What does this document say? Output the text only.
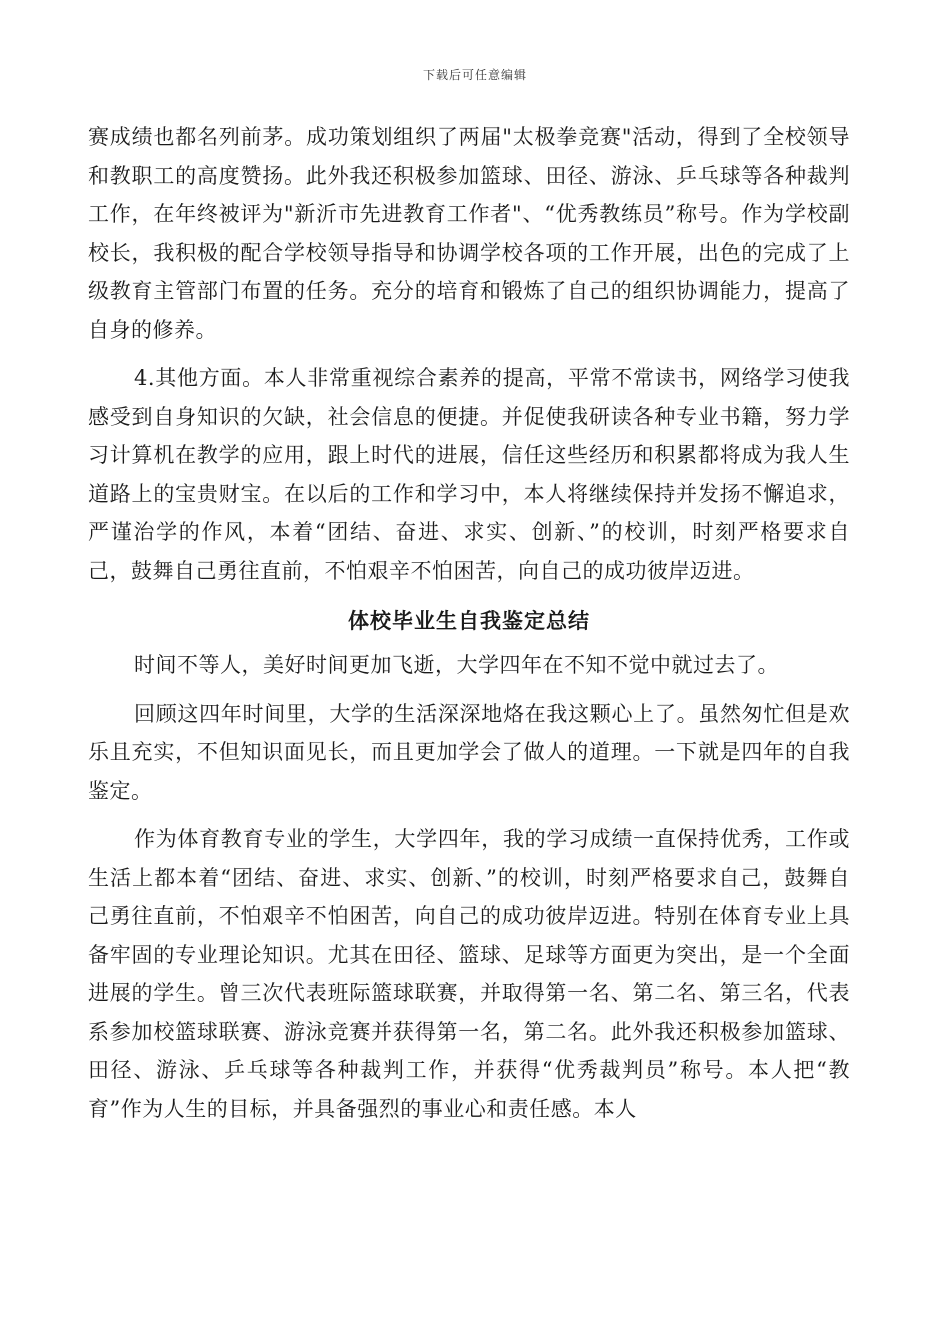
下载后可任意编辑

赛成绩也都名列前茅。成功策划组织了两届"太极拳竞赛"活动，得到了全校领导和教职工的高度赞扬。此外我还积极参加篮球、田径、游泳、乒乓球等各种裁判工作，在年终被评为"新沂市先进教育工作者"、“优秀教练员”称号。作为学校副校长，我积极的配合学校领导指导和协调学校各项的工作开展，出色的完成了上级教育主管部门布置的任务。充分的培育和锻炼了自己的组织协调能力，提高了自身的修养。

4.其他方面。本人非常重视综合素养的提高，平常不常读书，网络学习使我感受到自身知识的欠缺，社会信息的便捷。并促使我研读各种专业书籍，努力学习计算机在教学的应用，跟上时代的进展，信任这些经历和积累都将成为我人生道路上的宝贵财宝。在以后的工作和学习中，本人将继续保持并发扬不懈追求，严谨治学的作风，本着“团结、奋进、求实、创新、”的校训，时刻严格要求自己，鼓舞自己勇往直前，不怕艰辛不怕困苦，向自己的成功彼岸迈进。

体校毕业生自我鉴定总结

时间不等人，美好时间更加飞逝，大学四年在不知不觉中就过去了。

回顾这四年时间里，大学的生活深深地烙在我这颗心上了。虽然匆忙但是欢乐且充实，不但知识面见长，而且更加学会了做人的道理。一下就是四年的自我鉴定。

作为体育教育专业的学生，大学四年，我的学习成绩一直保持优秀，工作或生活上都本着“团结、奋进、求实、创新、”的校训，时刻严格要求自己，鼓舞自己勇往直前，不怕艰辛不怕困苦，向自己的成功彼岸迈进。特别在体育专业上具备牢固的专业理论知识。尤其在田径、篮球、足球等方面更为突出，是一个全面进展的学生。曾三次代表班际篮球联赛，并取得第一名、第二名、第三名，代表系参加校篮球联赛、游泳竞赛并获得第一名，第二名。此外我还积极参加篮球、田径、游泳、乒乓球等各种裁判工作，并获得“优秀裁判员”称号。本人把“教育”作为人生的目标，并具备强烈的事业心和责任感。本人
